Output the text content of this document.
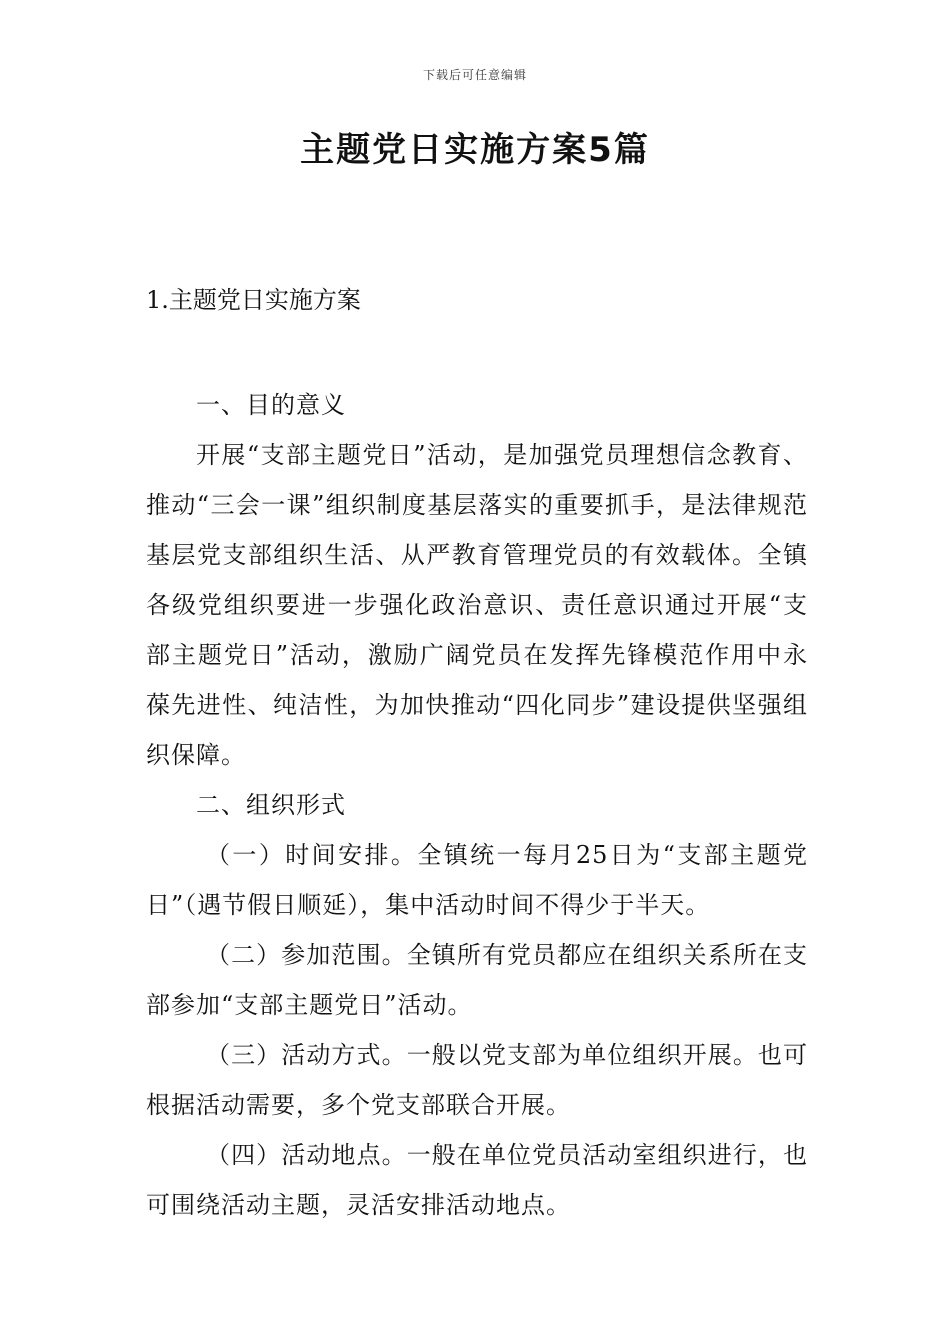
下载后可任意编辑
主题党日实施方案5篇

1.主题党日实施方案

一、目的意义

开展“支部主题党日”活动，是加强党员理想信念教育、推动“三会一课”组织制度基层落实的重要抓手，是法律规范基层党支部组织生活、从严教育管理党员的有效载体。全镇各级党组织要进一步强化政治意识、责任意识通过开展“支部主题党日”活动，激励广阔党员在发挥先锋模范作用中永葆先进性、纯洁性，为加快推动“四化同步”建设提供坚强组织保障。

二、组织形式

（一）时间安排。全镇统一每月25日为“支部主题党日”（遇节假日顺延），集中活动时间不得少于半天。

（二）参加范围。全镇所有党员都应在组织关系所在支部参加“支部主题党日”活动。

（三）活动方式。一般以党支部为单位组织开展。也可根据活动需要，多个党支部联合开展。

（四）活动地点。一般在单位党员活动室组织进行，也可围绕活动主题，灵活安排活动地点。
